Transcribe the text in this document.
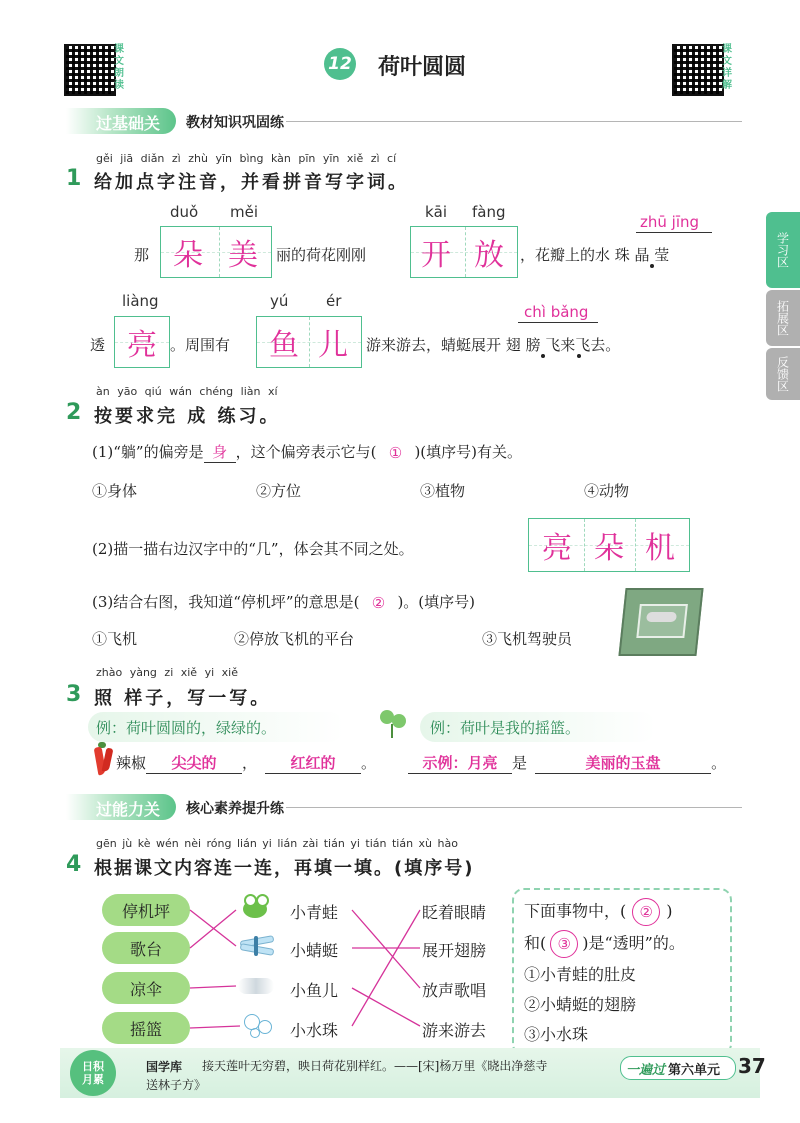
课文朗读
12 荷叶圆圆
课文详解
学习区
拓展区
反馈区
过基础关 教材知识巩固练
1
gěi jiā diǎn zì zhù yīn bìng kàn pīn yīn xiě zì cí
给加点字注音，并看拼音写字词。
duǒ měi	kāi fàng
zhū jīng
那 朵 美	丽的荷花刚刚 开 放	，花瓣上的水 珠 晶 莹
liàng	yú	ér
chì bǎng
透 亮 。周围有 鱼 儿	游来游去，蜻蜓展开 翅 膀 飞来飞去。
2
àn yāo qiú wán chéng liàn xí
按要求完 成 练习。
(1)“躺”的偏旁是 身 ，这个偏旁表示它与( ① )(填序号)有关。
①身体	②方位	③植物	④动物
(2)描一描右边汉字中的“几”，体会其不同之处。	亮 朵 机
(3)结合右图，我知道“停机坪”的意思是( ② )。(填序号)
①飞机	②停放飞机的平台	③飞机驾驶员
3
zhào yàng zi xiě yi xiě
照 样子，写一写。
例：荷叶圆圆的，绿绿的。	例：荷叶是我的摇篮。
辣椒 尖尖的 ， 红红的 。	示例：月亮 是	美丽的玉盘	。
过能力关 核心素养提升练
4
gēn jù kè wén nèi róng lián yi lián zài tián yi tián tián xù hào
根据课文内容连一连，再填一填。(填序号)
停机坪
歌台
凉伞
摇篮
小青蛙
小蜻蜓
小鱼儿
小水珠
眨着眼睛
展开翅膀
放声歌唱
游来游去
下面事物中，( ② )
和( ③ )是“透明”的。
①小青蛙的肚皮
②小蜻蜓的翅膀
③小水珠
日积月累
国学库 接天莲叶无穷碧，映日荷花别样红。——[宋]杨万里《晓出净慈寺
送林子方》
一遍过 第六单元 37
